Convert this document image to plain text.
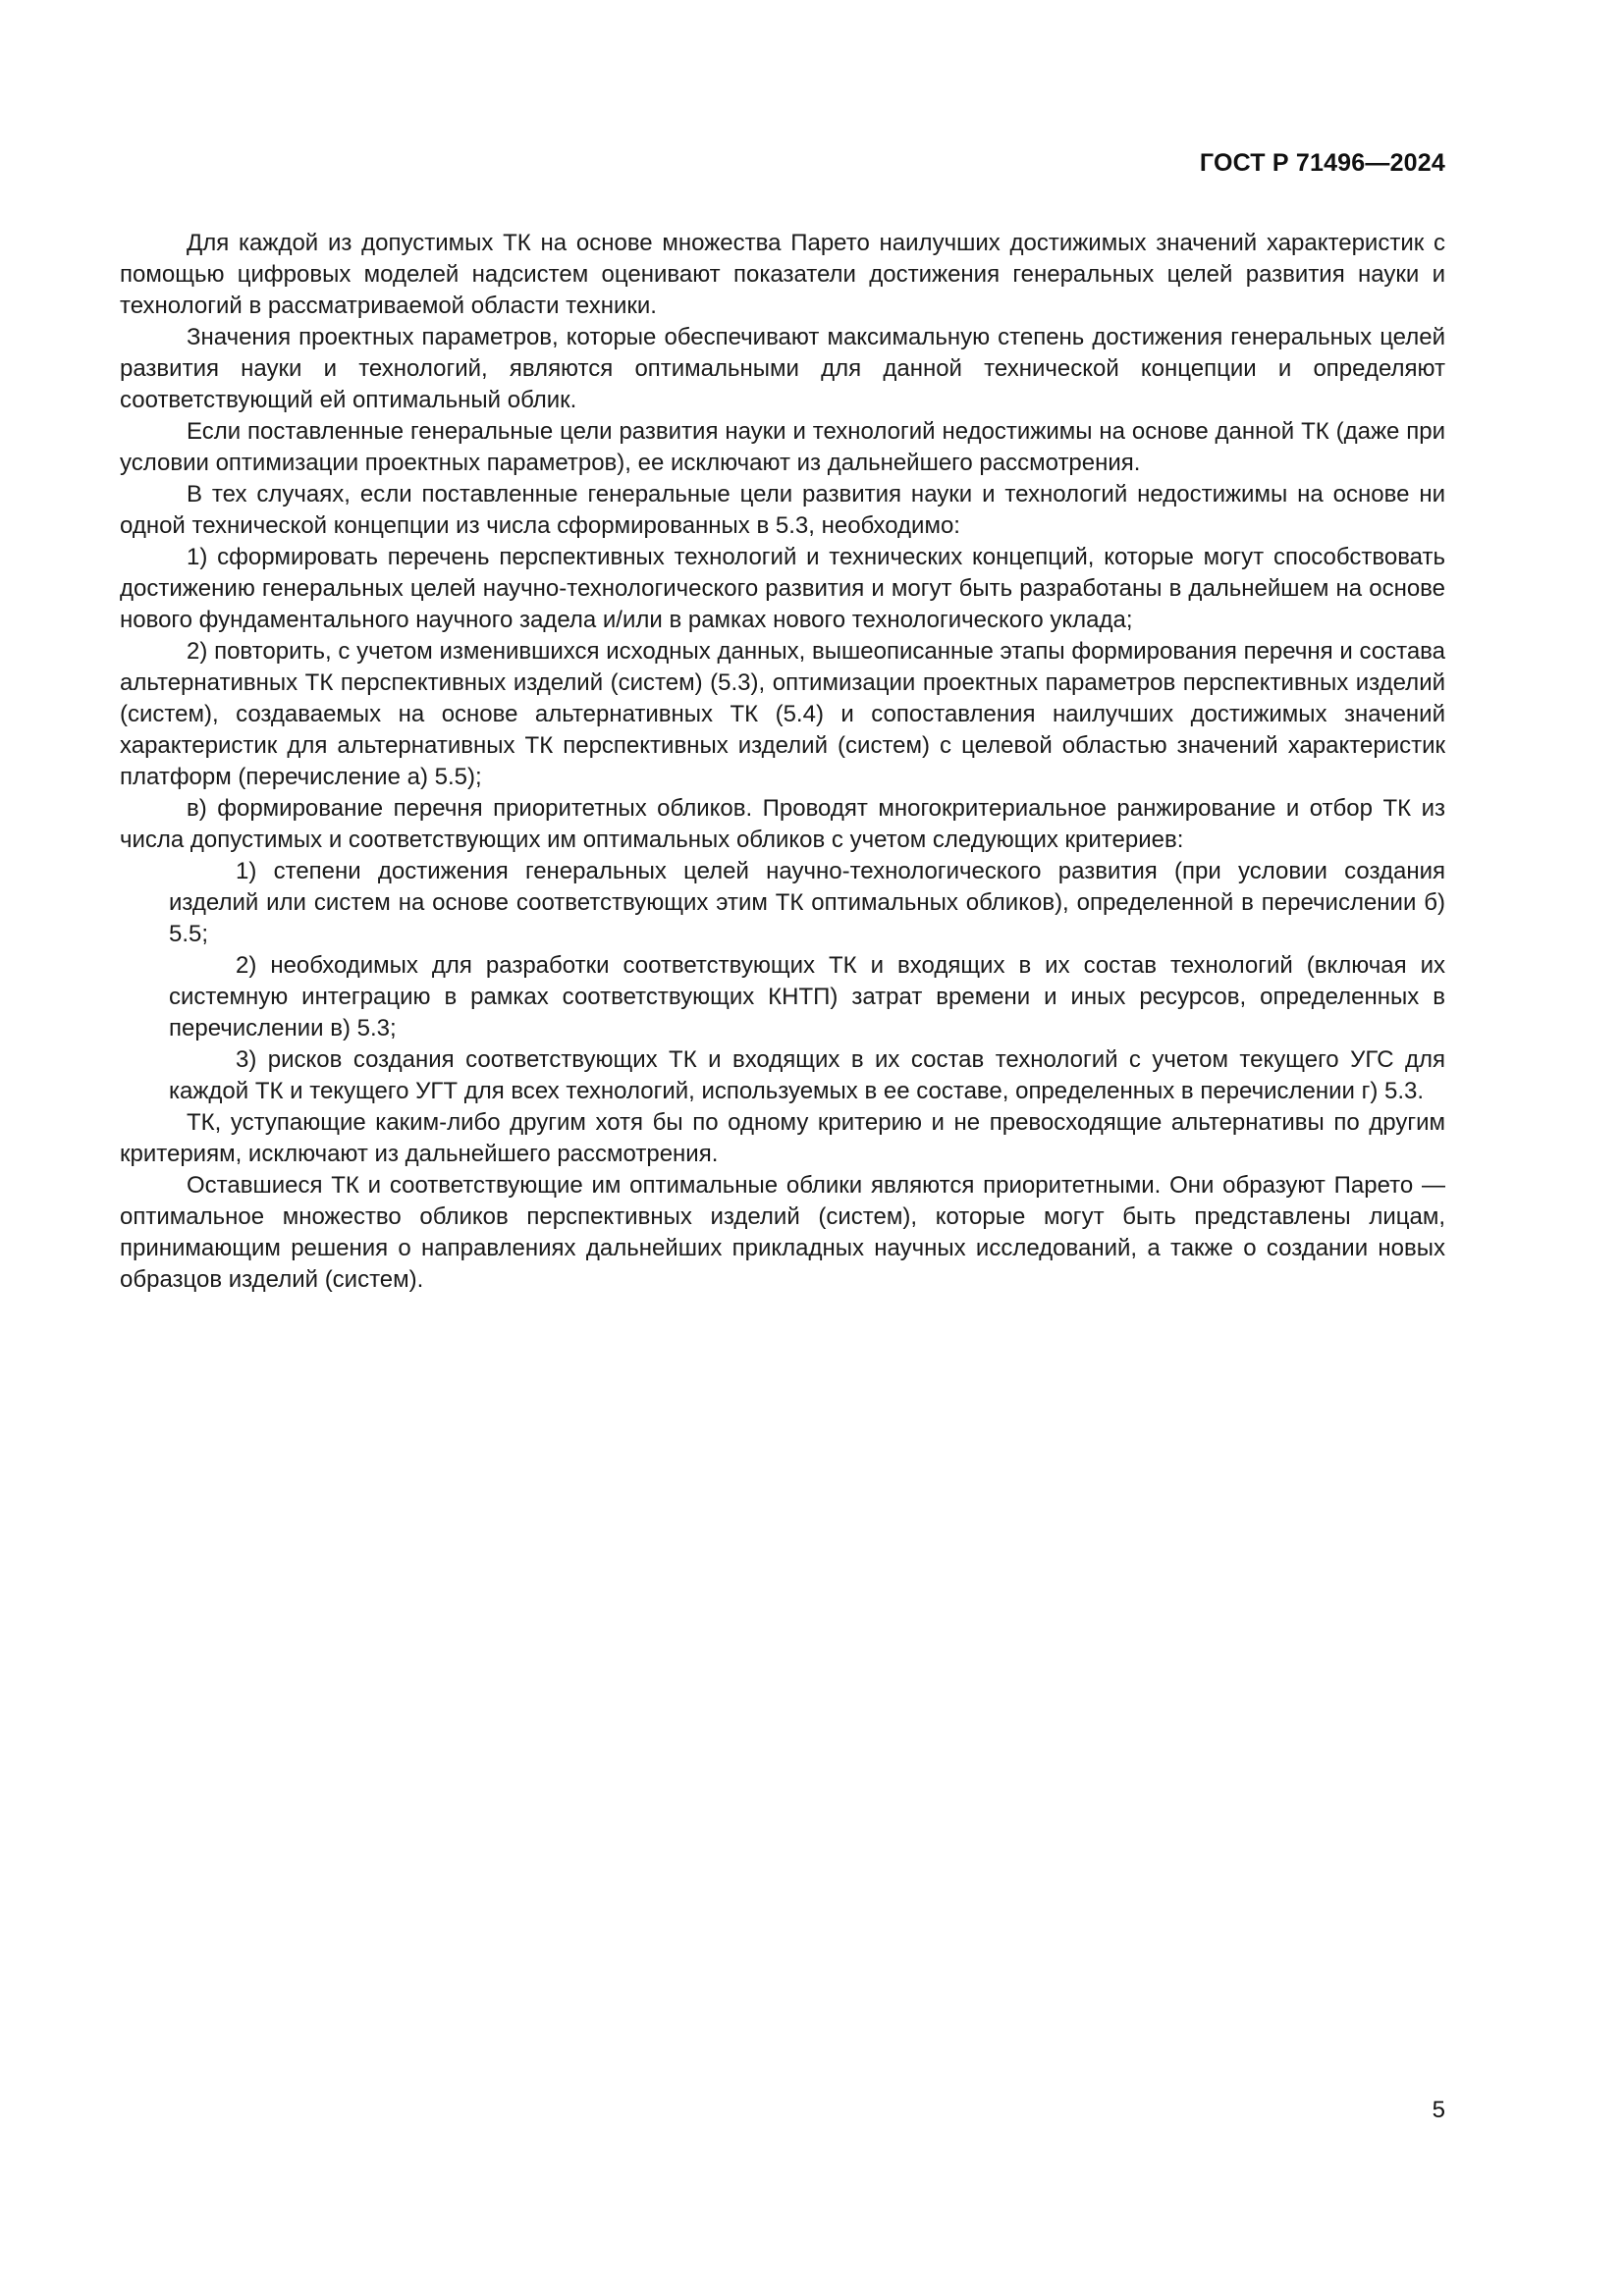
ГОСТ Р 71496—2024

Для каждой из допустимых ТК на основе множества Парето наилучших достижимых значений характеристик с помощью цифровых моделей надсистем оценивают показатели достижения генеральных целей развития науки и технологий в рассматриваемой области техники.

Значения проектных параметров, которые обеспечивают максимальную степень достижения генеральных целей развития науки и технологий, являются оптимальными для данной технической концепции и определяют соответствующий ей оптимальный облик.

Если поставленные генеральные цели развития науки и технологий недостижимы на основе данной ТК (даже при условии оптимизации проектных параметров), ее исключают из дальнейшего рассмотрения.

В тех случаях, если поставленные генеральные цели развития науки и технологий недостижимы на основе ни одной технической концепции из числа сформированных в 5.3, необходимо:

1) сформировать перечень перспективных технологий и технических концепций, которые могут способствовать достижению генеральных целей научно-технологического развития и могут быть разработаны в дальнейшем на основе нового фундаментального научного задела и/или в рамках нового технологического уклада;

2) повторить, с учетом изменившихся исходных данных, вышеописанные этапы формирования перечня и состава альтернативных ТК перспективных изделий (систем) (5.3), оптимизации проектных параметров перспективных изделий (систем), создаваемых на основе альтернативных ТК (5.4) и сопоставления наилучших достижимых значений характеристик для альтернативных ТК перспективных изделий (систем) с целевой областью значений характеристик платформ (перечисление а) 5.5);

в) формирование перечня приоритетных обликов. Проводят многокритериальное ранжирование и отбор ТК из числа допустимых и соответствующих им оптимальных обликов с учетом следующих критериев:

1) степени достижения генеральных целей научно-технологического развития (при условии создания изделий или систем на основе соответствующих этим ТК оптимальных обликов), определенной в перечислении б) 5.5;

2) необходимых для разработки соответствующих ТК и входящих в их состав технологий (включая их системную интеграцию в рамках соответствующих КНТП) затрат времени и иных ресурсов, определенных в перечислении в) 5.3;

3) рисков создания соответствующих ТК и входящих в их состав технологий с учетом текущего УГС для каждой ТК и текущего УГТ для всех технологий, используемых в ее составе, определенных в перечислении г) 5.3.

ТК, уступающие каким-либо другим хотя бы по одному критерию и не превосходящие альтернативы по другим критериям, исключают из дальнейшего рассмотрения.

Оставшиеся ТК и соответствующие им оптимальные облики являются приоритетными. Они образуют Парето — оптимальное множество обликов перспективных изделий (систем), которые могут быть представлены лицам, принимающим решения о направлениях дальнейших прикладных научных исследований, а также о создании новых образцов изделий (систем).

5
